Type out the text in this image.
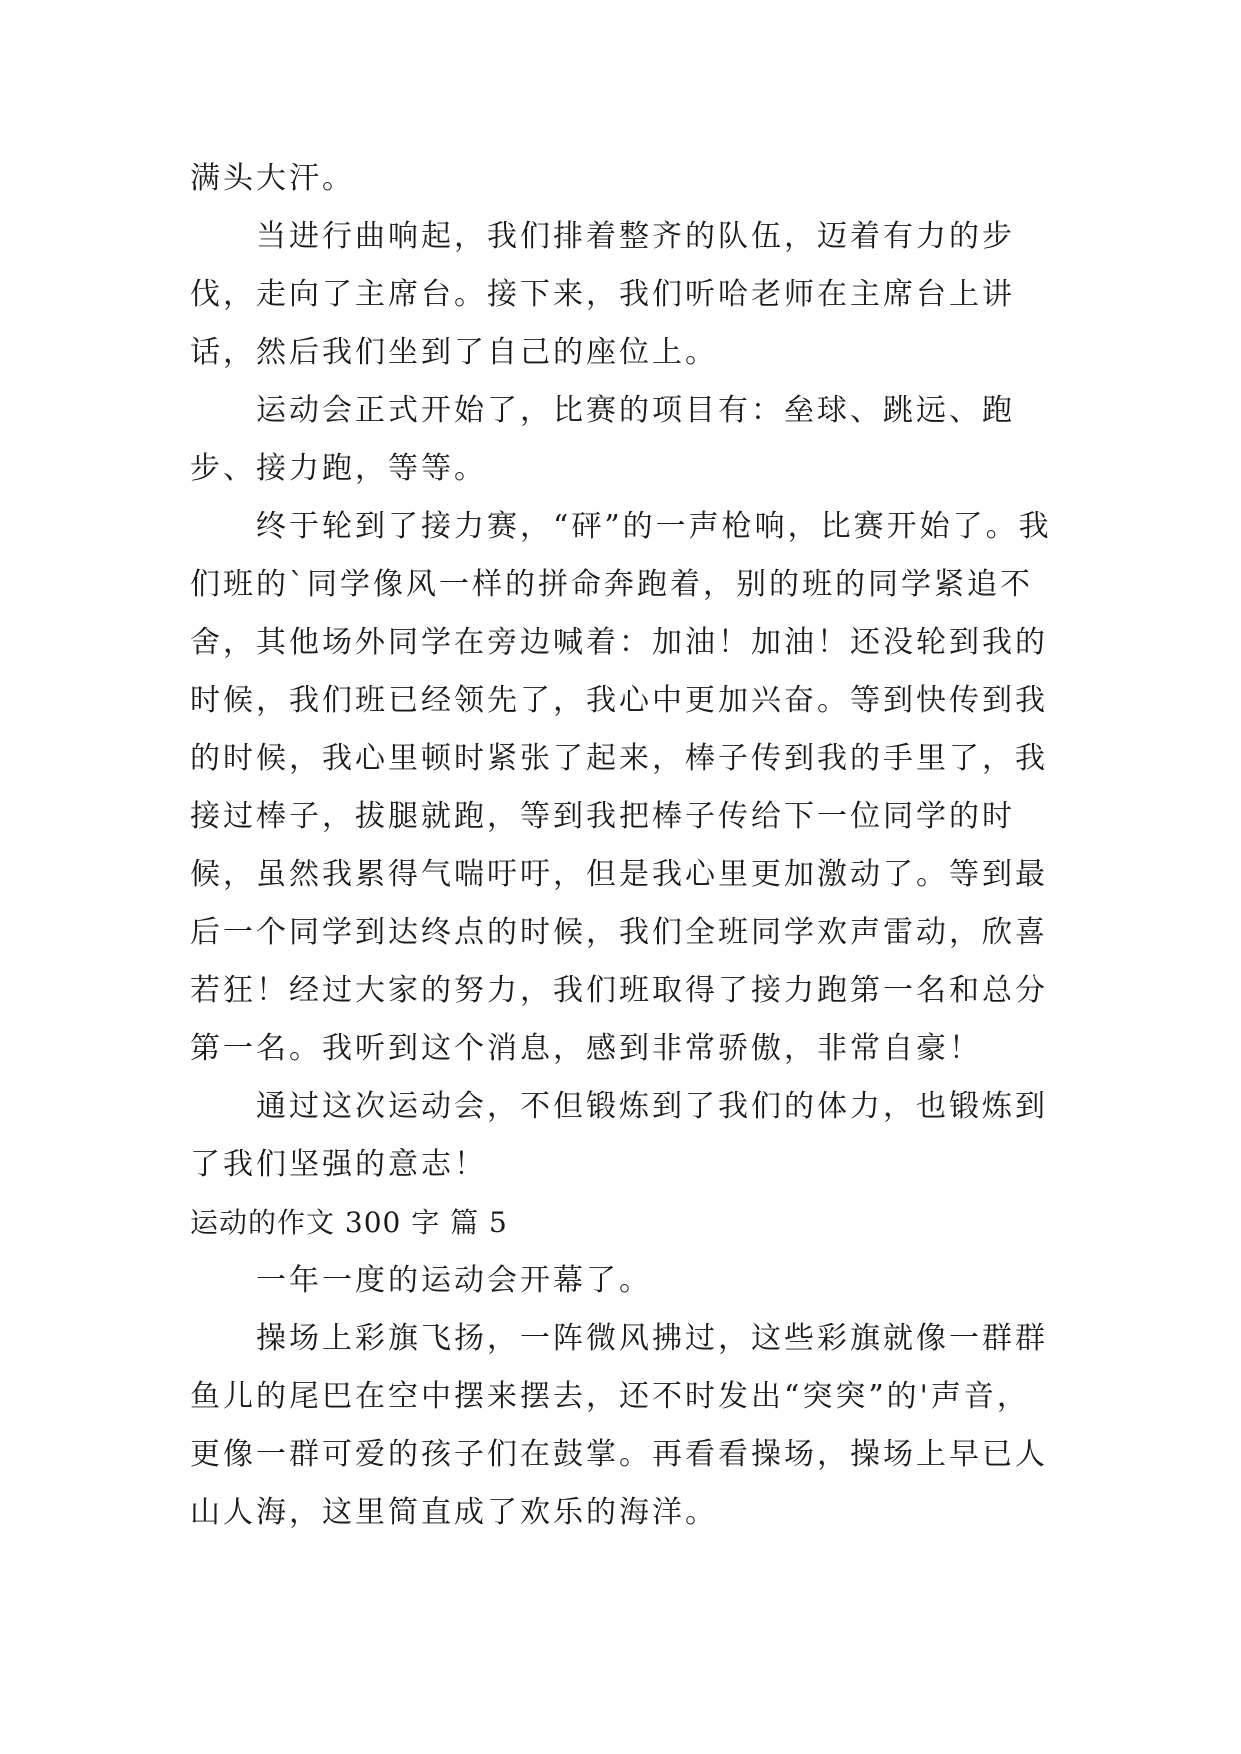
满头大汗。

当进行曲响起，我们排着整齐的队伍，迈着有力的步伐，走向了主席台。接下来，我们听哈老师在主席台上讲话，然后我们坐到了自己的座位上。

运动会正式开始了，比赛的项目有：垒球、跳远、跑步、接力跑，等等。

终于轮到了接力赛，“砰”的一声枪响，比赛开始了。我们班的`同学像风一样的拼命奔跑着，别的班的同学紧追不舍，其他场外同学在旁边喊着：加油！加油！还没轮到我的时候，我们班已经领先了，我心中更加兴奋。等到快传到我的时候，我心里顿时紧张了起来，棒子传到我的手里了，我接过棒子，拔腿就跑，等到我把棒子传给下一位同学的时候，虽然我累得气喘吁吁，但是我心里更加激动了。等到最后一个同学到达终点的时候，我们全班同学欢声雷动，欣喜若狂！经过大家的努力，我们班取得了接力跑第一名和总分第一名。我听到这个消息，感到非常骄傲，非常自豪！

通过这次运动会，不但锻炼到了我们的体力，也锻炼到了我们坚强的意志！

运动的作文 300 字 篇 5

一年一度的运动会开幕了。

操场上彩旗飞扬，一阵微风拂过，这些彩旗就像一群群鱼儿的尾巴在空中摆来摆去，还不时发出“突突”的'声音，更像一群可爱的孩子们在鼓掌。再看看操场，操场上早已人山人海，这里简直成了欢乐的海洋。
